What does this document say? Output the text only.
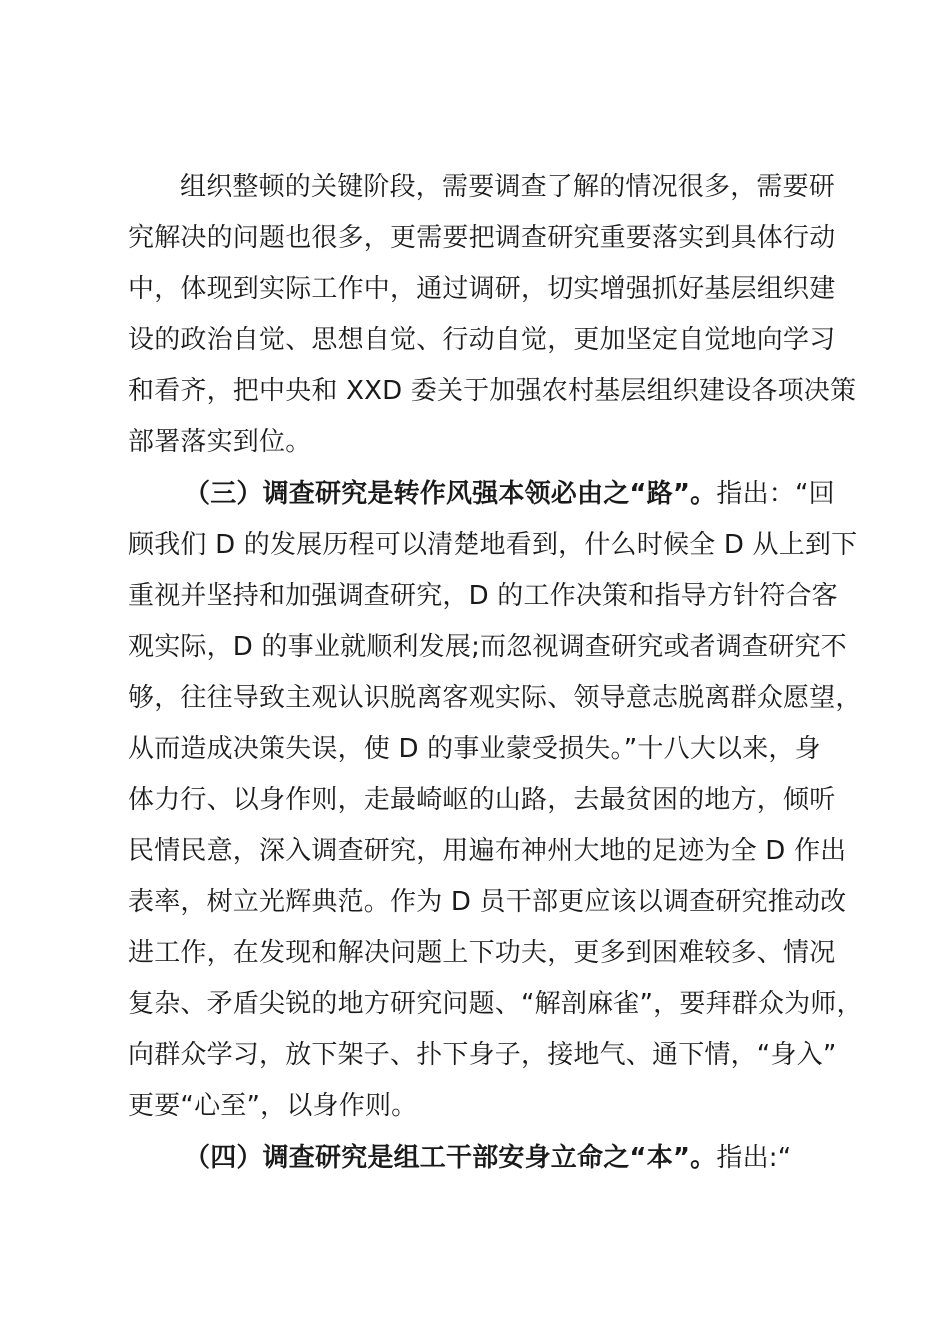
组织整顿的关键阶段，需要调查了解的情况很多，需要研
究解决的问题也很多，更需要把调查研究重要落实到具体行动
中，体现到实际工作中，通过调研，切实增强抓好基层组织建
设的政治自觉、思想自觉、行动自觉，更加坚定自觉地向学习
和看齐，把中央和 XXD 委关于加强农村基层组织建设各项决策
部署落实到位。
（三）调查研究是转作风强本领必由之“路”。指出：“回
顾我们 D 的发展历程可以清楚地看到，什么时候全 D 从上到下
重视并坚持和加强调查研究，D 的工作决策和指导方针符合客
观实际，D 的事业就顺利发展;而忽视调查研究或者调查研究不
够，往往导致主观认识脱离客观实际、领导意志脱离群众愿望，
从而造成决策失误，使 D 的事业蒙受损失。”十八大以来，身
体力行、以身作则，走最崎岖的山路，去最贫困的地方，倾听
民情民意，深入调查研究，用遍布神州大地的足迹为全 D 作出
表率，树立光辉典范。作为 D 员干部更应该以调查研究推动改
进工作，在发现和解决问题上下功夫，更多到困难较多、情况
复杂、矛盾尖锐的地方研究问题、“解剖麻雀”，要拜群众为师，
向群众学习，放下架子、扑下身子，接地气、通下情，“身入”
更要“心至”，以身作则。
（四）调查研究是组工干部安身立命之“本”。指出:“
